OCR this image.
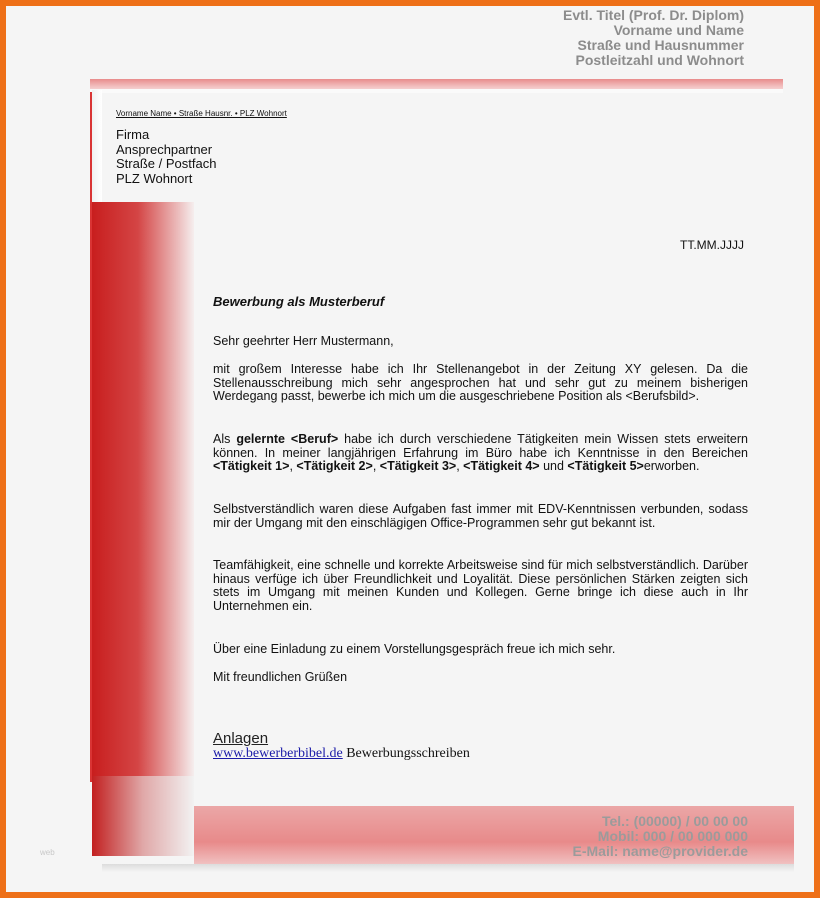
Evtl. Titel (Prof. Dr. Diplom)
Vorname und Name
Straße und Hausnummer
Postleitzahl und Wohnort
Vorname Name • Straße Hausnr. • PLZ Wohnort
Firma
Ansprechpartner
Straße / Postfach
PLZ Wohnort
TT.MM.JJJJ
Bewerbung als Musterberuf
Sehr geehrter Herr Mustermann,
mit großem Interesse habe ich Ihr Stellenangebot in der Zeitung XY gelesen. Da die Stellenausschreibung mich sehr angesprochen hat und sehr gut zu meinem bisherigen Werdegang passt, bewerbe ich mich um die ausgeschriebene Position als <Berufsbild>.
Als gelernte <Beruf> habe ich durch verschiedene Tätigkeiten mein Wissen stets erweitern können. In meiner langjährigen Erfahrung im Büro habe ich Kenntnisse in den Bereichen <Tätigkeit 1>, <Tätigkeit 2>, <Tätigkeit 3>, <Tätigkeit 4> und <Tätigkeit 5>erworben.
Selbstverständlich waren diese Aufgaben fast immer mit EDV-Kenntnissen verbunden, sodass mir der Umgang mit den einschlägigen Office-Programmen sehr gut bekannt ist.
Teamfähigkeit, eine schnelle und korrekte Arbeitsweise sind für mich selbstverständlich. Darüber hinaus verfüge ich über Freundlichkeit und Loyalität. Diese persönlichen Stärken zeigten sich stets im Umgang mit meinen Kunden und Kollegen. Gerne bringe ich diese auch in Ihr Unternehmen ein.
Über eine Einladung zu einem Vorstellungsgespräch freue ich mich sehr.
Mit freundlichen Grüßen
Anlagen
www.bewerberbibel.de Bewerbungsschreiben
Tel.: (00000) / 00 00 00
Mobil: 000 / 00 000 000
E-Mail: name@provider.de
web
